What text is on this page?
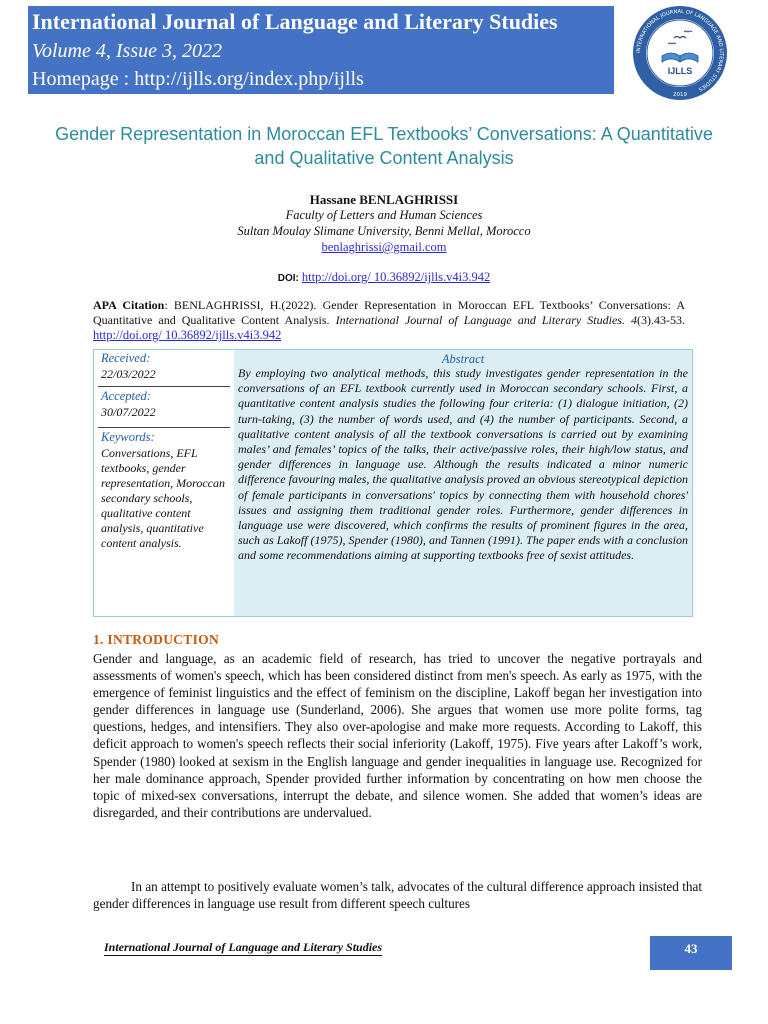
International Journal of Language and Literary Studies
Volume 4, Issue 3, 2022
Homepage : http://ijlls.org/index.php/ijlls
INTERNATIONAL JOURNAL OF LANGUAGE AND LITERARY STUDIES
IJLLS
2019
Gender Representation in Moroccan EFL Textbooks’ Conversations: A Quantitative and Qualitative Content Analysis
Hassane BENLAGHRISSI
Faculty of Letters and Human Sciences
Sultan Moulay Slimane University, Benni Mellal, Morocco
benlaghrissi@gmail.com
DOI: http://doi.org/ 10.36892/ijlls.v4i3.942
APA Citation: BENLAGHRISSI, H.(2022). Gender Representation in Moroccan EFL Textbooks’ Conversations: A Quantitative and Qualitative Content Analysis. International Journal of Language and Literary Studies. 4(3).43-53. http://doi.org/ 10.36892/ijlls.v4i3.942
Received:
22/03/2022
Accepted:
30/07/2022
Keywords:
Conversations, EFL textbooks, gender representation, Moroccan secondary schools, qualitative content analysis, quantitative content analysis.
Abstract
By employing two analytical methods, this study investigates gender representation in the conversations of an EFL textbook currently used in Moroccan secondary schools. First, a quantitative content analysis studies the following four criteria: (1) dialogue initiation, (2) turn-taking, (3) the number of words used, and (4) the number of participants. Second, a qualitative content analysis of all the textbook conversations is carried out by examining males’ and females’ topics of the talks, their active/passive roles, their high/low status, and gender differences in language use. Although the results indicated a minor numeric difference favouring males, the qualitative analysis proved an obvious stereotypical depiction of female participants in conversations' topics by connecting them with household chores' issues and assigning them traditional gender roles. Furthermore, gender differences in language use were discovered, which confirms the results of prominent figures in the area, such as Lakoff (1975), Spender (1980), and Tannen (1991). The paper ends with a conclusion and some recommendations aiming at supporting textbooks free of sexist attitudes.
1. INTRODUCTION
Gender and language, as an academic field of research, has tried to uncover the negative portrayals and assessments of women's speech, which has been considered distinct from men's speech. As early as 1975, with the emergence of feminist linguistics and the effect of feminism on the discipline, Lakoff began her investigation into gender differences in language use (Sunderland, 2006). She argues that women use more polite forms, tag questions, hedges, and intensifiers. They also over-apologise and make more requests. According to Lakoff, this deficit approach to women's speech reflects their social inferiority (Lakoff, 1975). Five years after Lakoff’s work, Spender (1980) looked at sexism in the English language and gender inequalities in language use. Recognized for her male dominance approach, Spender provided further information by concentrating on how men choose the topic of mixed-sex conversations, interrupt the debate, and silence women. She added that women’s ideas are disregarded, and their contributions are undervalued.
In an attempt to positively evaluate women’s talk, advocates of the cultural difference approach insisted that gender differences in language use result from different speech cultures
International Journal of Language and Literary Studies	43
